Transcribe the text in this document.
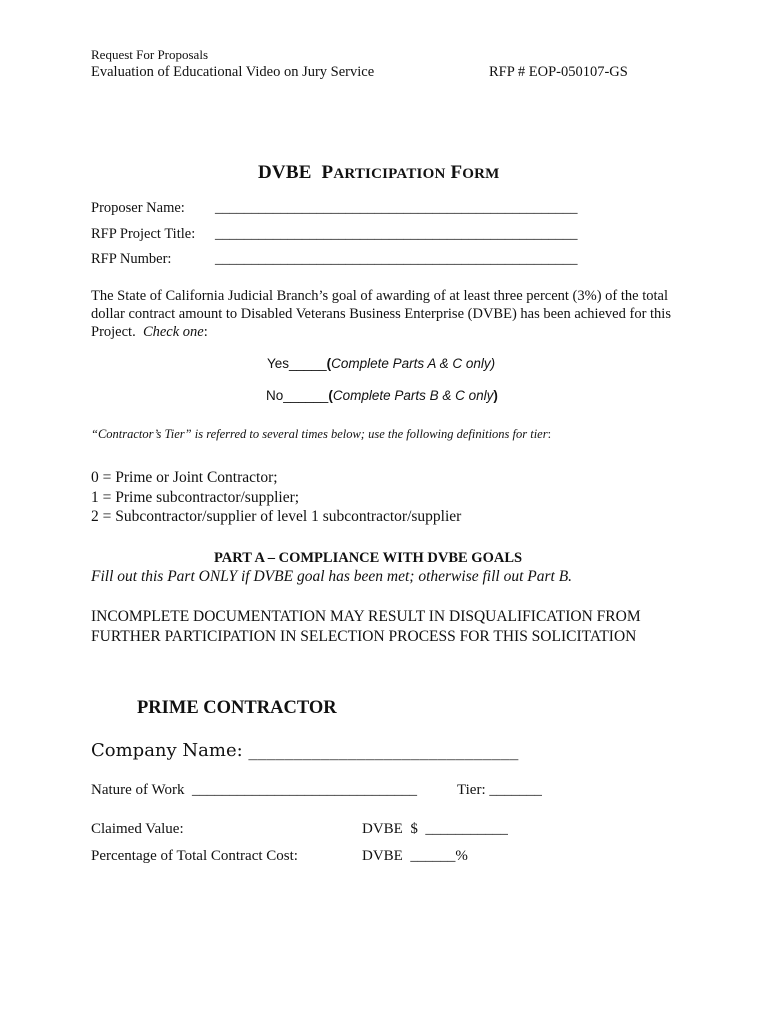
Request For Proposals
Evaluation of Educational Video on Jury Service	RFP # EOP-050107-GS
DVBE PARTICIPATION FORM
Proposer Name: __________________________________________________
RFP Project Title: __________________________________________________
RFP Number:	__________________________________________________
The State of California Judicial Branch’s goal of awarding of at least three percent (3%) of the total dollar contract amount to Disabled Veterans Business Enterprise (DVBE) has been achieved for this Project. Check one:
Yes_____(Complete Parts A & C only)
No______(Complete Parts B & C only)
“Contractor’s Tier” is referred to several times below; use the following definitions for tier:
0 = Prime or Joint Contractor;
1 = Prime subcontractor/supplier;
2 = Subcontractor/supplier of level 1 subcontractor/supplier
PART A – COMPLIANCE WITH DVBE GOALS
Fill out this Part ONLY if DVBE goal has been met; otherwise fill out Part B.
INCOMPLETE DOCUMENTATION MAY RESULT IN DISQUALIFICATION FROM FURTHER PARTICIPATION IN SELECTION PROCESS FOR THIS SOLICITATION
PRIME CONTRACTOR
Company Name: ______________________________
Nature of Work ______________________________	Tier: _______
Claimed Value:	DVBE $ ___________
Percentage of Total Contract Cost:	DVBE ______%
